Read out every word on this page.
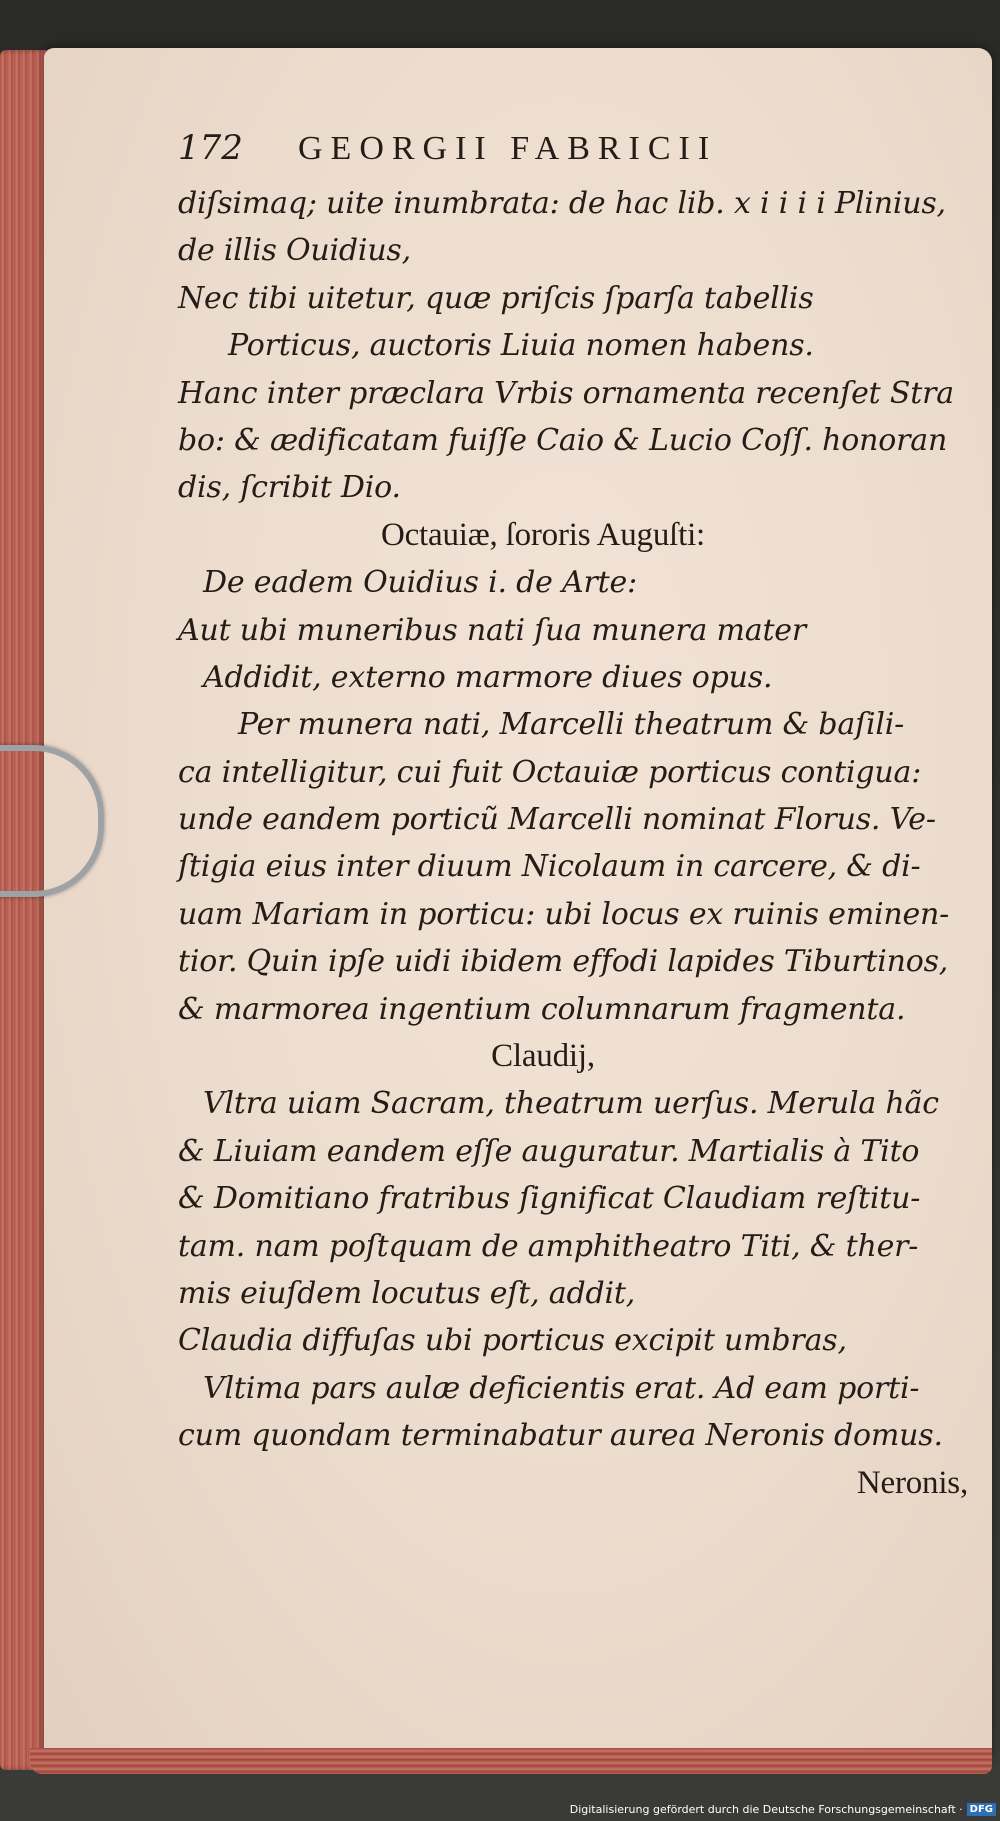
172	GEORGII FABRICII
diſsimaq; uite inumbrata: de hac lib. x i i i i Plinius,
de illis Ouidius,
Nec tibi uitetur, quæ priſcis ſparſa tabellis
Porticus, auctoris Liuia nomen habens.
Hanc inter præclara Vrbis ornamenta recenſet Stra
bo: & ædificatam fuiſſe Caio & Lucio Coſſ. honoran
dis, ſcribit Dio.
Octauiæ, ſororis Auguſti:
De eadem Ouidius i. de Arte:
Aut ubi muneribus nati ſua munera mater
Addidit, externo marmore diues opus.
Per munera nati, Marcelli theatrum & baſili-
ca intelligitur, cui fuit Octauiæ porticus contigua:
unde eandem porticũ Marcelli nominat Florus. Ve-
ſtigia eius inter diuum Nicolaum in carcere, & di-
uam Mariam in porticu: ubi locus ex ruinis eminen-
tior. Quin ipſe uidi ibidem effodi lapides Tiburtinos,
& marmorea ingentium columnarum fragmenta.
Claudij,
Vltra uiam Sacram, theatrum uerſus. Merula hãc
& Liuiam eandem eſſe auguratur. Martialis à Tito
& Domitiano fratribus ſignificat Claudiam reſtitu-
tam. nam poſtquam de amphitheatro Titi, & ther-
mis eiuſdem locutus eſt, addit,
Claudia diffuſas ubi porticus excipit umbras,
Vltima pars aulæ deficientis erat. Ad eam porti-
cum quondam terminabatur aurea Neronis domus.
Neronis,
Digitalisierung gefördert durch die Deutsche Forschungsgemeinschaft · DFG
